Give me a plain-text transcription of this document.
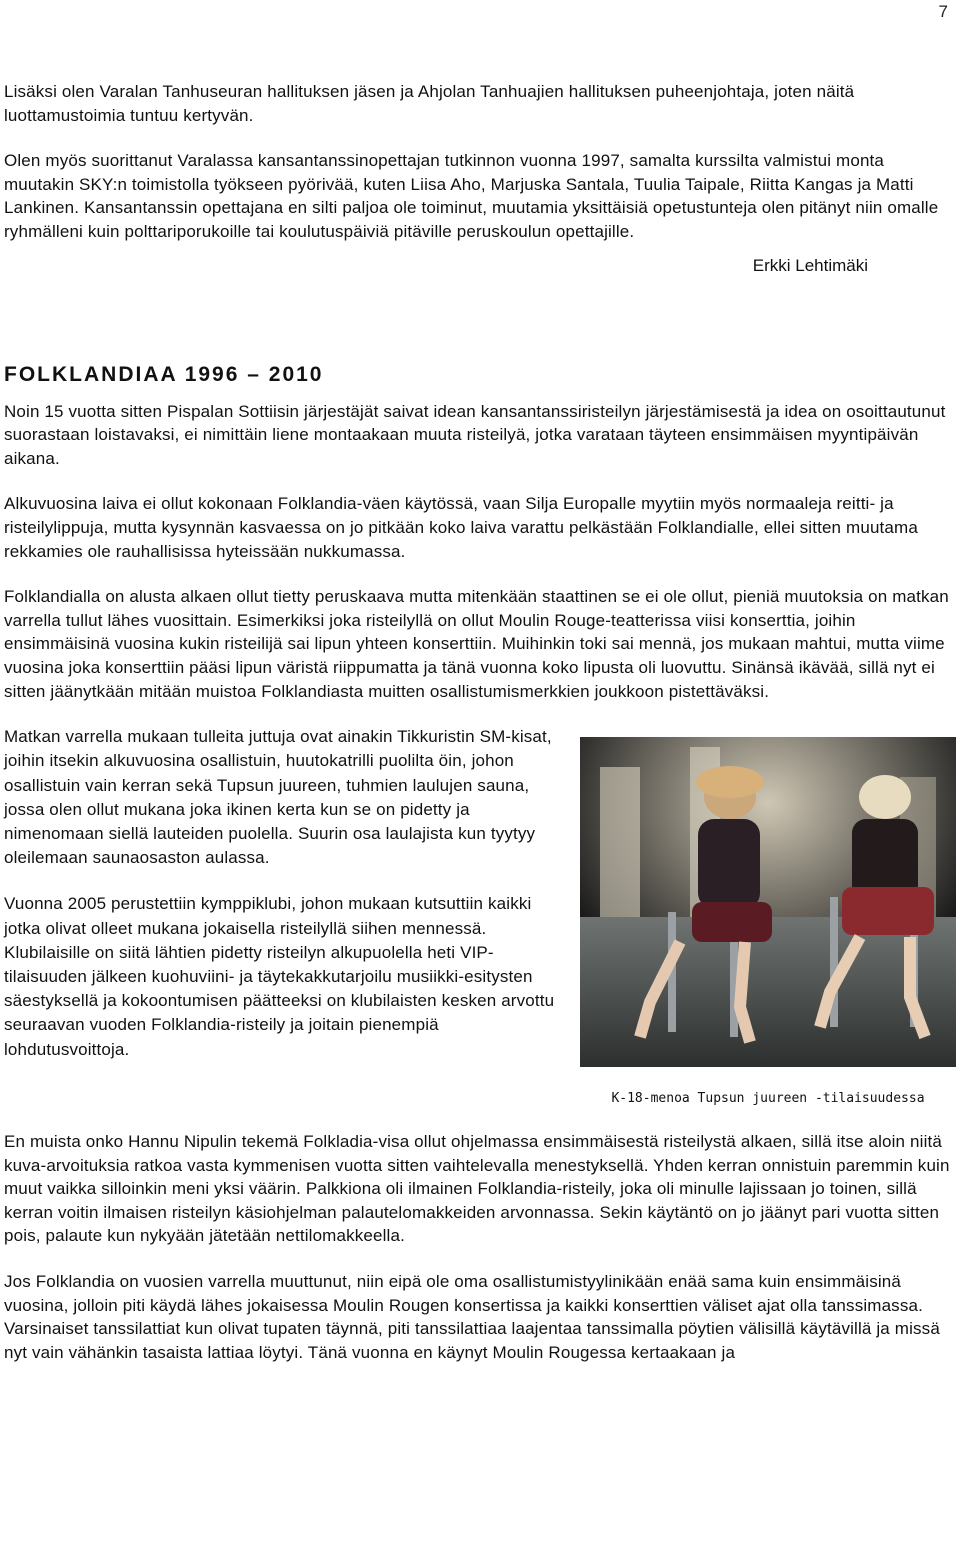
7

Lisäksi olen Varalan Tanhuseuran hallituksen jäsen ja Ahjolan Tanhuajien hallituksen puheenjohtaja, joten näitä luottamustoimia tuntuu kertyvän.

Olen myös suorittanut Varalassa kansantanssinopettajan tutkinnon vuonna 1997, samalta kurssilta valmistui monta muutakin SKY:n toimistolla työkseen pyörivää, kuten Liisa Aho, Marjuska Santala, Tuulia Taipale, Riitta Kangas ja Matti Lankinen. Kansantanssin opettajana en silti paljoa ole toiminut, muutamia yksittäisiä opetustunteja olen pitänyt niin omalle ryhmälleni kuin polttariporukoille tai koulutuspäiviä pitäville peruskoulun opettajille.

Erkki Lehtimäki
FOLKLANDIAA 1996 – 2010

Noin 15 vuotta sitten Pispalan Sottiisin järjestäjät saivat idean kansantanssiristeilyn järjestämisestä ja idea on osoittautunut suorastaan loistavaksi, ei nimittäin liene montaakaan muuta risteilyä, jotka varataan täyteen ensimmäisen myyntipäivän aikana.

Alkuvuosina laiva ei ollut kokonaan Folklandia-väen käytössä, vaan Silja Europalle myytiin myös normaaleja reitti- ja risteilylippuja, mutta kysynnän kasvaessa on jo pitkään koko laiva varattu pelkästään Folklandialle, ellei sitten muutama rekkamies ole rauhallisissa hyteissään nukkumassa.

Folklandialla on alusta alkaen ollut tietty peruskaava mutta mitenkään staattinen se ei ole ollut, pieniä muutoksia on matkan varrella tullut lähes vuosittain. Esimerkiksi joka risteilyllä on ollut Moulin Rouge-teatterissa viisi konserttia, joihin ensimmäisinä vuosina kukin risteilijä sai lipun yhteen konserttiin. Muihinkin toki sai mennä, jos mukaan mahtui, mutta viime vuosina joka konserttiin pääsi lipun väristä riippumatta ja tänä vuonna koko lipusta oli luovuttu. Sinänsä ikävää, sillä nyt ei sitten jäänytkään mitään muistoa Folklandiasta muitten osallistumismerkkien joukkoon pistettäväksi.

Matkan varrella mukaan tulleita juttuja ovat ainakin Tikkuristin SM-kisat, joihin itsekin alkuvuosina osallistuin, huutokatrilli puolilta öin, johon osallistuin vain kerran sekä Tupsun juureen, tuhmien laulujen sauna, jossa olen ollut mukana joka ikinen kerta kun se on pidetty ja nimenomaan siellä lauteiden puolella. Suurin osa laulajista kun tyytyy oleilemaan saunaosaston aulassa.

Vuonna 2005 perustettiin kymppiklubi, johon mukaan kutsuttiin kaikki jotka olivat olleet mukana jokaisella risteilyllä siihen mennessä. Klubilaisille on siitä lähtien pidetty risteilyn alkupuolella heti VIP-tilaisuuden jälkeen kuohuviini- ja täytekakkutarjoilu musiikki-esitysten säestyksellä ja kokoontumisen päätteeksi on klubilaisten kesken arvottu seuraavan vuoden Folklandia-risteily ja joitain pienempiä lohdutusvoittoja.

K-18-menoa Tupsun juureen -tilaisuudessa

En muista onko Hannu Nipulin tekemä Folkladia-visa ollut ohjelmassa ensimmäisestä risteilystä alkaen, sillä itse aloin niitä kuva-arvoituksia ratkoa vasta kymmenisen vuotta sitten vaihtelevalla menestyksellä. Yhden kerran onnistuin paremmin kuin muut vaikka silloinkin meni yksi väärin. Palkkiona oli ilmainen Folklandia-risteily, joka oli minulle lajissaan jo toinen, sillä kerran voitin ilmaisen risteilyn käsiohjelman palautelomakkeiden arvonnassa. Sekin käytäntö on jo jäänyt pari vuotta sitten pois, palaute kun nykyään jätetään nettilomakkeella.

Jos Folklandia on vuosien varrella muuttunut, niin eipä ole oma osallistumistyylinikään enää sama kuin ensimmäisinä vuosina, jolloin piti käydä lähes jokaisessa Moulin Rougen konsertissa ja kaikki konserttien väliset ajat olla tanssimassa. Varsinaiset tanssilattiat kun olivat tupaten täynnä, piti tanssilattiaa laajentaa tanssimalla pöytien välisillä käytävillä ja missä nyt vain vähänkin tasaista lattiaa löytyi. Tänä vuonna en käynyt Moulin Rougessa kertaakaan ja
